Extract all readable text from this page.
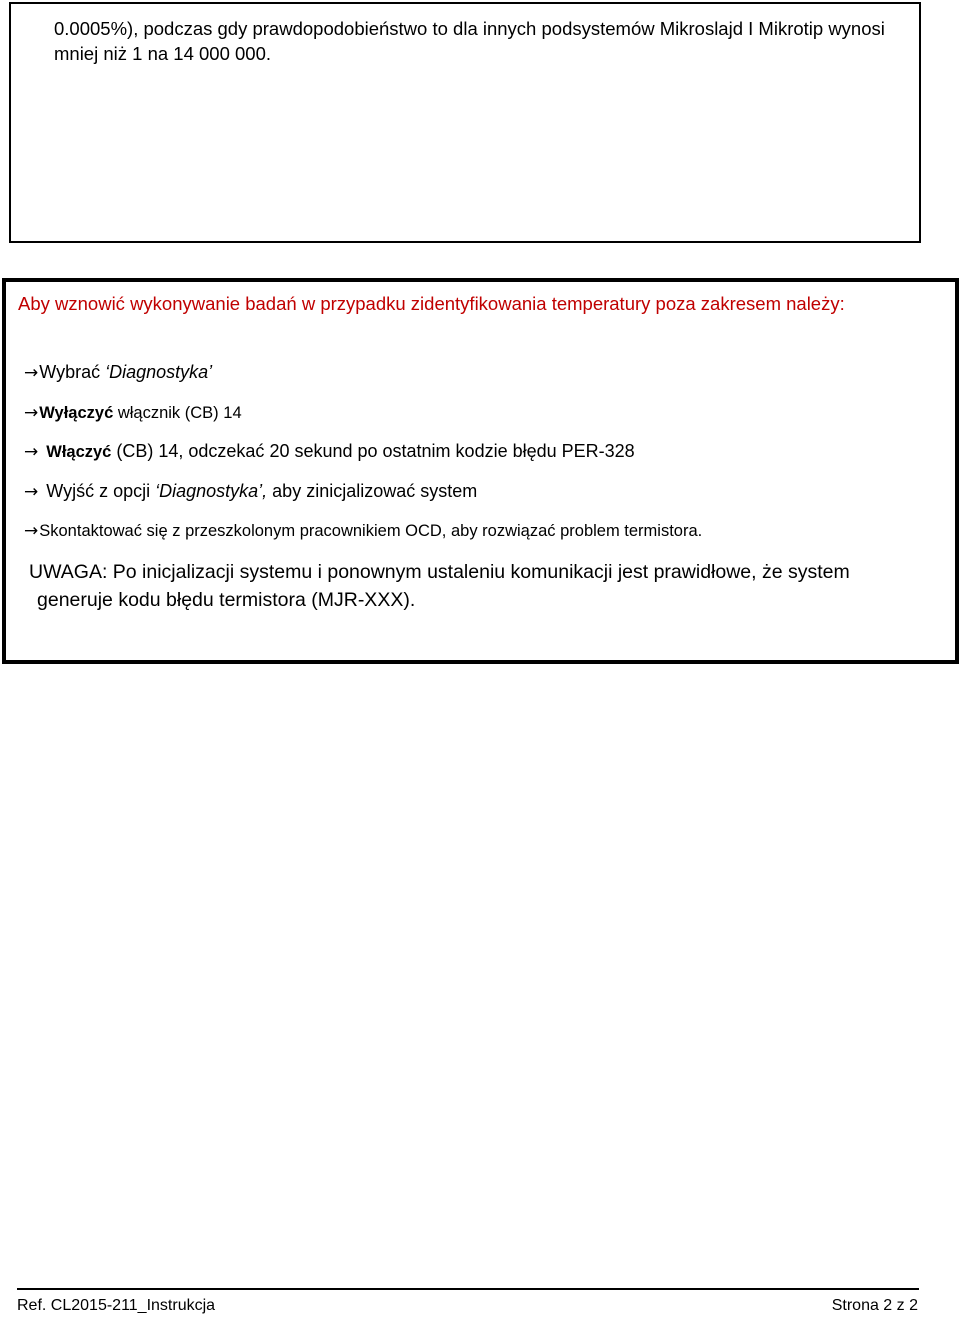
0.0005%), podczas gdy prawdopodobieństwo to dla innych podsystemów Mikroslajd I Mikrotip wynosi mniej niż 1 na 14 000 000.
Aby wznowić wykonywanie badań w przypadku zidentyfikowania temperatury poza zakresem należy:
→Wybrać ‘Diagnostyka’
→Wyłączyć włącznik (CB) 14
→ Włączyć (CB) 14, odczekać 20 sekund po ostatnim kodzie błędu PER-328
→ Wyjść z opcji ‘Diagnostyka’, aby zinicjalizować system
→Skontaktować się z przeszkolonym pracownikiem OCD, aby rozwiązać problem termistora.
UWAGA: Po inicjalizacji systemu i ponownym ustaleniu komunikacji jest prawidłowe, że system
generuje kodu błędu termistora (MJR-XXX).
Ref. CL2015-211_Instrukcja	Strona 2 z 2
